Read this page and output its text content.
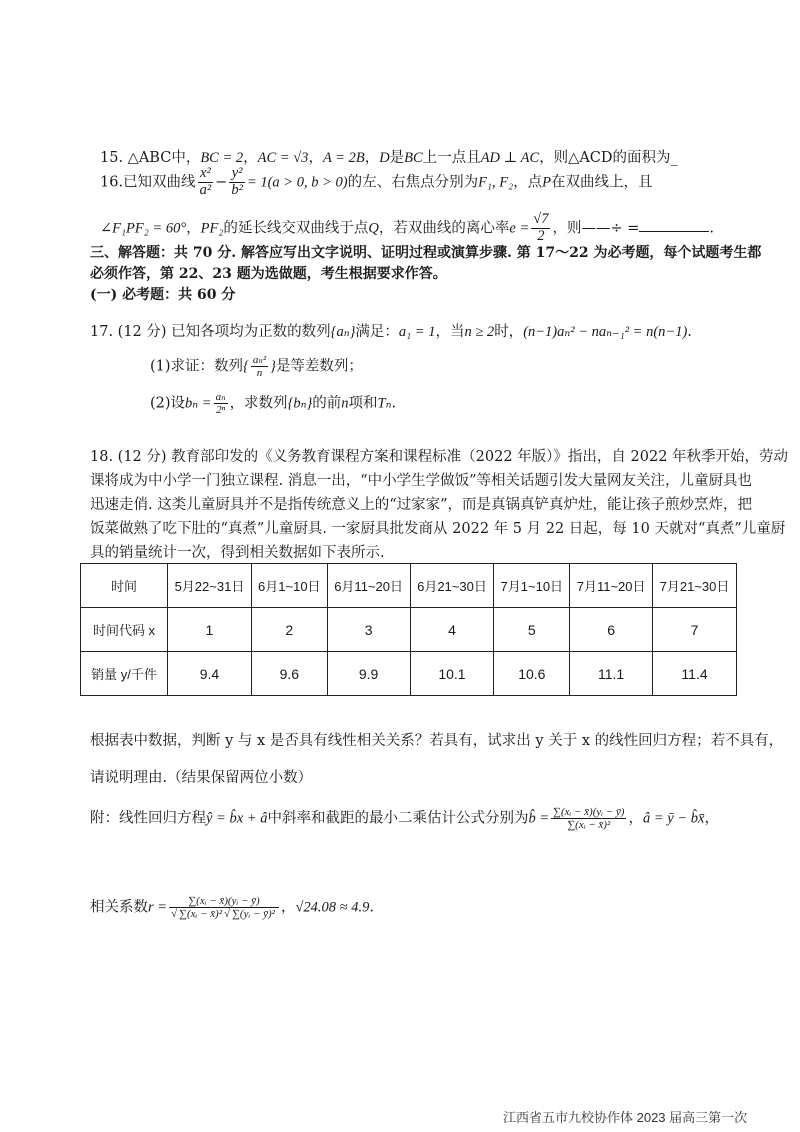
15. △ABC中，BC = 2，AC = √3，A = 2B，D是BC上一点且AD ⊥ AC，则△ACD的面积为_
16.已知双曲线 $\frac{\text{x²}}{\text{a²}} - \frac{\text{y²}}{\text{b²}} = 1(a > 0$, b > 0)的左、右焦点分别为F₁, F₂，点P在双曲线上，且
∠F₁PF₂ = 60°，PF₂的延长线交双曲线于点Q，若双曲线的离心率$e = \frac{√7}{2}$ ，则——÷ =	.
三、解答题：共 70 分. 解答应写出文字说明、证明过程或演算步骤. 第 17～22 为必考题，每个试题考生都
必须作答，第 22、23 题为选做题，考生根据要求作答。
(一) 必考题：共 60 分
17. (12 分) 已知各项均为正数的数列{aₙ}满足：a₁ = 1，当n ≥ 2时，(n−1)aₙ² − naₙ₋₁² = n(n−1).
(1)求证：数列{ $\frac{\text{aₙ²}}{n}$ }是等差数列；
(2)设$b_n = \frac{\text{aₙ}}{\text{2ⁿ}}$ ，求数列{bₙ}的前n项和Tₙ.
18. (12 分) 教育部印发的《义务教育课程方案和课程标准（2022 年版）》指出，自 2022 年秋季开始，劳动
课将成为中小学一门独立课程. 消息一出，“中小学生学做饭”等相关话题引发大量网友关注，儿童厨具也
迅速走俏. 这类儿童厨具并不是指传统意义上的“过家家”，而是真锅真铲真炉灶，能让孩子煎炒烹炸，把
饭菜做熟了吃下肚的“真煮”儿童厨具. 一家厨具批发商从 2022 年 5 月 22 日起，每 10 天就对“真煮”儿童厨
具的销量统计一次，得到相关数据如下表所示.
时间	5月22~31日	6月1~10日	6月11~20日	6月21~30日	7月1~10日	7月11~20日	7月21~30日
时间代码 x	1	2	3	4	5	6	7
销量 y/千件	9.4	9.6	9.9	10.1	10.6	11.1	11.4
根据表中数据，判断 y 与 x 是否具有线性相关关系？若具有，试求出 y 关于 x 的线性回归方程；若不具有，
请说明理由.（结果保留两位小数）
附：线性回归方程ŷ = b̂x + â中斜率和截距的最小二乘估计公式分别为b̂ = $\frac{\text{∑(xᵢ − x̄)(yᵢ − ȳ)}}{\text{∑(xᵢ − x̄)²}}$ ，â = ȳ − b̂x̄，
相关系数$r = \frac{\text{∑(xᵢ − x̄)(yᵢ − ȳ)}}{\text{√ ∑(xᵢ − x̄)² √ ∑(yᵢ − ȳ)²}}$ ，√24.08 ≈ 4.9.
江西省五市九校协作体 2023 届高三第一次
